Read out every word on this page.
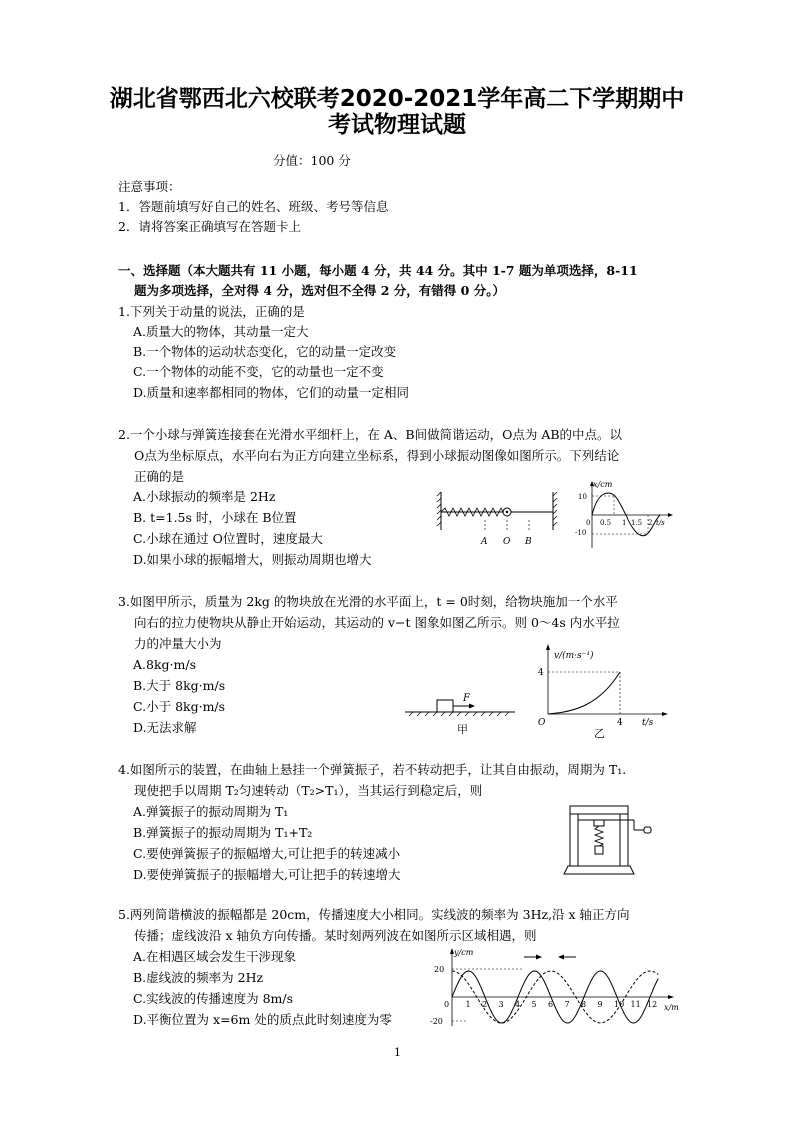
湖北省鄂西北六校联考2020-2021学年高二下学期期中
考试物理试题
分值：100 分
注意事项：
1．答题前填写好自己的姓名、班级、考号等信息
2．请将答案正确填写在答题卡上
一、选择题（本大题共有 11 小题，每小题 4 分，共 44 分。其中 1-7 题为单项选择，8-11
题为多项选择，全对得 4 分，选对但不全得 2 分，有错得 0 分。）
1.下列关于动量的说法，正确的是
A.质量大的物体，其动量一定大
B.一个物体的运动状态变化，它的动量一定改变
C.一个物体的动能不变，它的动量也一定不变
D.质量和速率都相同的物体，它们的动量一定相同
2.一个小球与弹簧连接套在光滑水平细杆上，在 A、B间做简谐运动，O点为 AB的中点。以
O点为坐标原点，水平向右为正方向建立坐标系，得到小球振动图像如图所示。下列结论
正确的是
A.小球振动的频率是 2Hz
B. t=1.5s 时，小球在 B位置
C.小球在通过 O位置时，速度最大
D.如果小球的振幅增大，则振动周期也增大
A O B
x/cm
10
-10
0 0.5 1 1.5 2 t/s
3.如图甲所示，质量为 2kg 的物块放在光滑的水平面上，t = 0时刻，给物块施加一个水平
向右的拉力使物块从静止开始运动，其运动的 v−t 图象如图乙所示。则 0～4s 内水平拉
力的冲量大小为
A.8kg·m/s
B.大于 8kg·m/s
C.小于 8kg·m/s
D.无法求解
F
甲
v/(m·s⁻¹)
4
O	4 t/s
乙
4.如图所示的装置，在曲轴上悬挂一个弹簧振子，若不转动把手，让其自由振动，周期为 T₁.
现使把手以周期 T₂匀速转动（T₂>T₁），当其运行到稳定后，则
A.弹簧振子的振动周期为 T₁
B.弹簧振子的振动周期为 T₁+T₂
C.要使弹簧振子的振幅增大,可让把手的转速减小
D.要使弹簧振子的振幅增大,可让把手的转速增大
5.两列简谐横波的振幅都是 20cm，传播速度大小相同。实线波的频率为 3Hz,沿 x 轴正方向
传播；虚线波沿 x 轴负方向传播。某时刻两列波在如图所示区域相遇，则
A.在相遇区域会发生干涉现象
B.虚线波的频率为 2Hz
C.实线波的传播速度为 8m/s
D.平衡位置为 x=6m 处的质点此时刻速度为零
y/cm
20
-20
0 1 2 3 4 5 6 7 8 9 10 11 12 x/m
1
